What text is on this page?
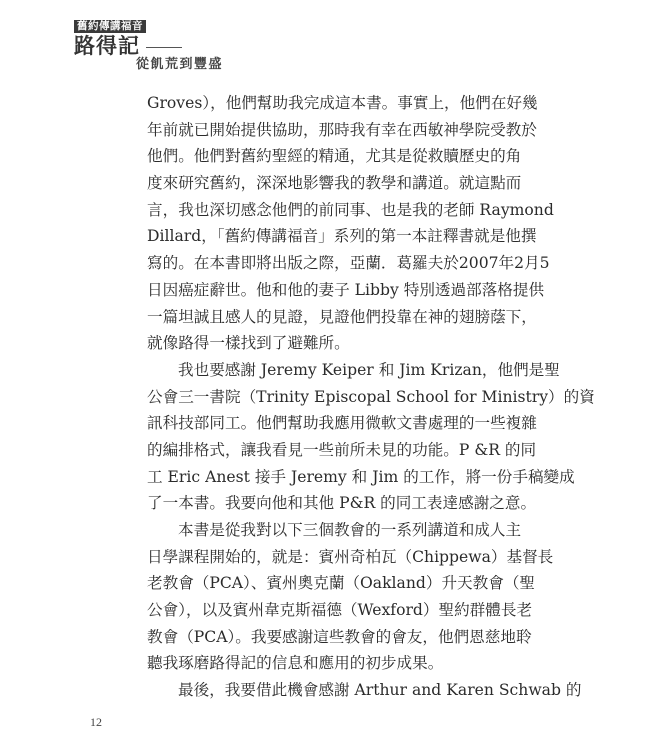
舊約傳講福音
路得記
從飢荒到豐盛
Groves），他們幫助我完成這本書。事實上，他們在好幾
年前就已開始提供協助，那時我有幸在西敏神學院受教於
他們。他們對舊約聖經的精通，尤其是從救贖歷史的角
度來研究舊約，深深地影響我的教學和講道。就這點而
言，我也深切感念他們的前同事、也是我的老師 Raymond
Dillard，「舊約傳講福音」系列的第一本註釋書就是他撰
寫的。在本書即將出版之際，亞蘭．葛羅夫於2007年2月5
日因癌症辭世。他和他的妻子 Libby 特別透過部落格提供
一篇坦誠且感人的見證，見證他們投靠在神的翅膀蔭下，
就像路得一樣找到了避難所。
我也要感謝 Jeremy Keiper 和 Jim Krizan，他們是聖
公會三一書院（Trinity Episcopal School for Ministry）的資
訊科技部同工。他們幫助我應用微軟文書處理的一些複雜
的編排格式，讓我看見一些前所未見的功能。P &R 的同
工 Eric Anest 接手 Jeremy 和 Jim 的工作，將一份手稿變成
了一本書。我要向他和其他 P&R 的同工表達感謝之意。
本書是從我對以下三個教會的一系列講道和成人主
日學課程開始的，就是：賓州奇柏瓦（Chippewa）基督長
老教會（PCA）、賓州奧克蘭（Oakland）升天教會（聖
公會），以及賓州韋克斯福德（Wexford）聖約群體長老
教會（PCA）。我要感謝這些教會的會友，他們恩慈地聆
聽我琢磨路得記的信息和應用的初步成果。
最後，我要借此機會感謝 Arthur and Karen Schwab 的
12
